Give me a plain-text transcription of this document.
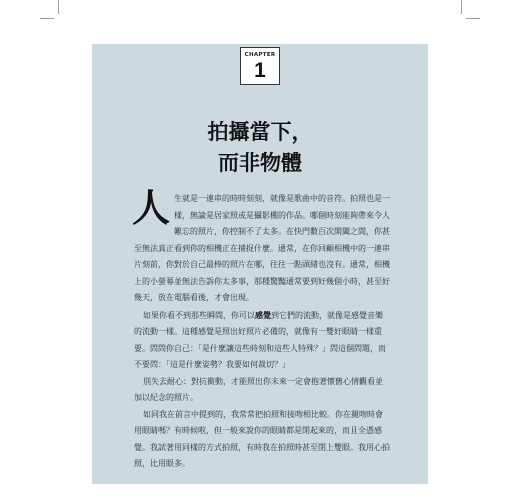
CHAPTER
1
拍攝當下，
而非物體

人 生就是一連串的時時刻刻，就像是歌曲中的音符。拍照也是一樣，無論是居家照或是攝影棚的作品。哪個時刻能夠帶來令人難忘的照片，你控制不了太多。在快門數百次開闔之間，你甚至無法真正看到你的相機正在捕捉什麼。通常，在你回顧相機中的一連串片刻前，你對於自己最棒的照片在哪，往往一點頭緒也沒有。通常，相機上的小螢幕並無法告訴你太多事，那種驚豔通常要到好幾個小時，甚至好幾天，放在電腦看後，才會出現。

如果你看不到那些瞬間，你可以感覺到它們的流動，就像是感覺音樂的流動一樣。這種感覺是照出好照片必備的，就像有一雙好眼睛一樣重要。問問你自己：「是什麼讓這些時刻和這些人特殊？」問這個問題，而不要問：「這是什麼姿勢？我要如何裁切？」

別失去耐心：對抗衝動，才能照出你未來一定會抱著懷舊心情觀看並加以紀念的照片。

如同我在前言中提到的，我常常把拍照和接吻相比較。你在親吻時會用眼睛嗎？有時候啦，但一般來說你的眼睛都是閉起來的，而且全憑感覺。我試著用同樣的方式拍照，有時我在拍照時甚至閉上雙眼。我用心拍照，比用眼多。
